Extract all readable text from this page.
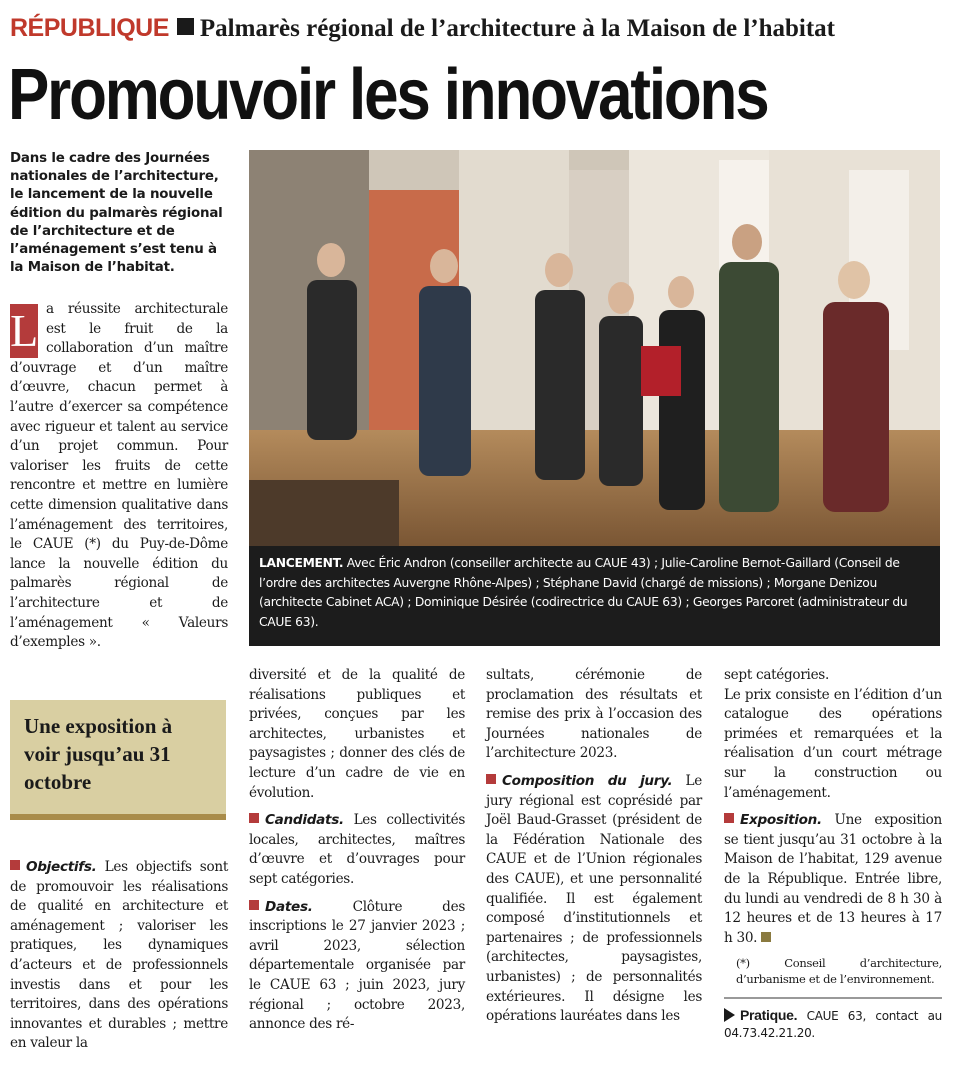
RÉPUBLIQUE Palmarès régional de l’architecture à la Maison de l’habitat
Promouvoir les innovations

Dans le cadre des Journées nationales de l’architecture, le lancement de la nouvelle édition du palmarès régional de l’architecture et de l’aménagement s’est tenu à la Maison de l’habitat.

L a réussite architecturale est le fruit de la collaboration d’un maître d’ouvrage et d’un maître d’œuvre, chacun permet à l’autre d’exercer sa compétence avec rigueur et talent au service d’un projet commun. Pour valoriser les fruits de cette rencontre et mettre en lumière cette dimension qualitative dans l’aménagement des territoires, le CAUE (*) du Puy-de-Dôme lance la nouvelle édition du palmarès régional de l’architecture et de l’aménagement « Valeurs d’exemples ».
Une exposition à voir jusqu’au 31 octobre
LANCEMENT. Avec Éric Andron (conseiller architecte au CAUE 43) ; Julie-Caroline Bernot-Gaillard (Conseil de l’ordre des architectes Auvergne Rhône-Alpes) ; Stéphane David (chargé de missions) ; Morgane Denizou (architecte Cabinet ACA) ; Dominique Désirée (codirectrice du CAUE 63) ; Georges Parcoret (administrateur du CAUE 63).

Objectifs. Les objectifs sont de promouvoir les réalisations de qualité en architecture et aménagement ; valoriser les pratiques, les dynamiques d’acteurs et de professionnels investis dans et pour les territoires, dans des opérations innovantes et durables ; mettre en valeur la

diversité et de la qualité de réalisations publiques et privées, conçues par les architectes, urbanistes et paysagistes ; donner des clés de lecture d’un cadre de vie en évolution.

Candidats. Les collectivités locales, architectes, maîtres d’œuvre et d’ouvrages pour sept catégories.

Dates. Clôture des inscriptions le 27 janvier 2023 ; avril 2023, sélection départementale organisée par le CAUE 63 ; juin 2023, jury régional ; octobre 2023, annonce des ré-

sultats, cérémonie de proclamation des résultats et remise des prix à l’occasion des Journées nationales de l’architecture 2023.

Composition du jury. Le jury régional est coprésidé par Joël Baud-Grasset (président de la Fédération Nationale des CAUE et de l’Union régionales des CAUE), et une personnalité qualifiée. Il est également composé d’institutionnels et partenaires ; de professionnels (architectes, paysagistes, urbanistes) ; de personnalités extérieures. Il désigne les opérations lauréates dans les

sept catégories.

Le prix consiste en l’édition d’un catalogue des opérations primées et remarquées et la réalisation d’un court métrage sur la construction ou l’aménagement.

Exposition. Une exposition se tient jusqu’au 31 octobre à la Maison de l’habitat, 129 avenue de la République. Entrée libre, du lundi au vendredi de 8 h 30 à 12 heures et de 13 heures à 17 h 30.

(*) Conseil d’architecture, d’urbanisme et de l’environnement.

Pratique. CAUE 63, contact au 04.73.42.21.20.
